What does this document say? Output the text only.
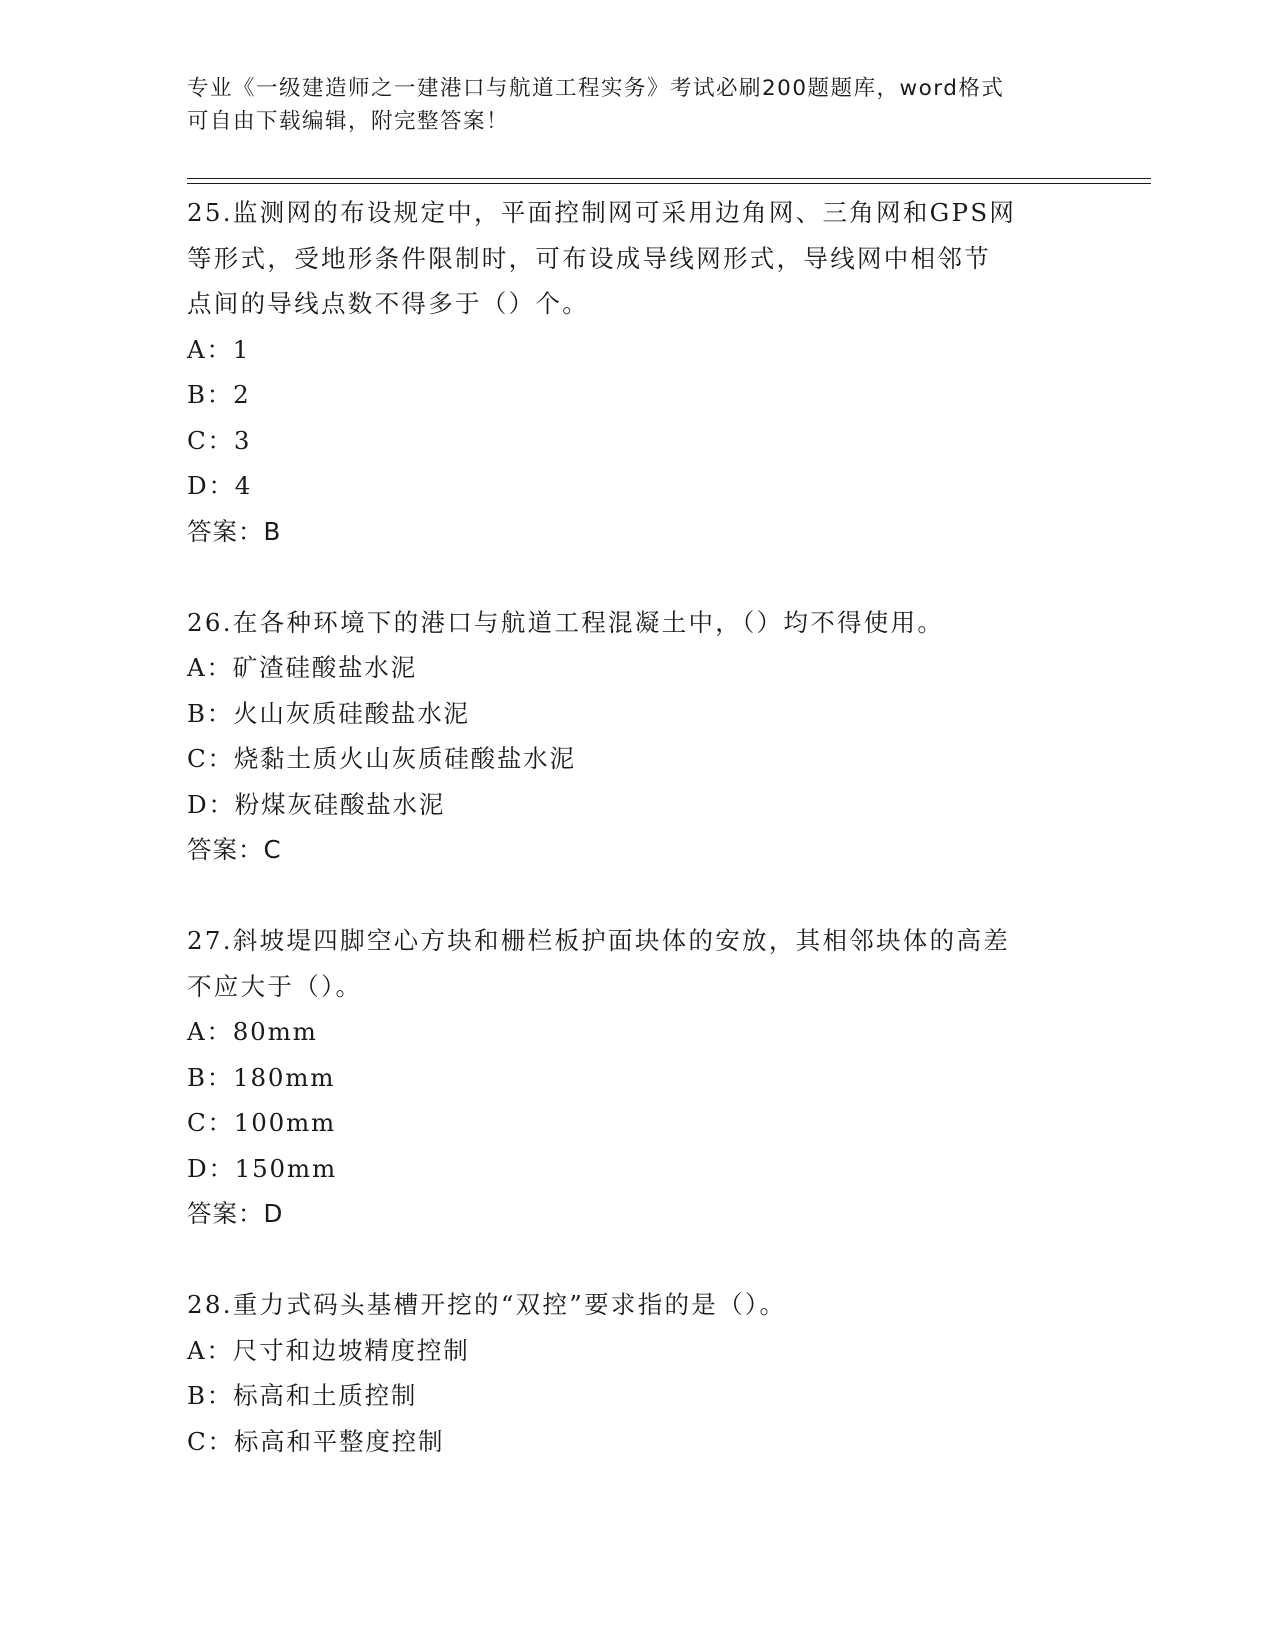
专业《一级建造师之一建港口与航道工程实务》考试必刷200题题库，word格式
可自由下载编辑，附完整答案！
25.监测网的布设规定中，平面控制网可采用边角网、三角网和GPS网
等形式，受地形条件限制时，可布设成导线网形式，导线网中相邻节
点间的导线点数不得多于（）个。
A：1
B：2
C：3
D：4
答案：B
26.在各种环境下的港口与航道工程混凝土中，（）均不得使用。
A：矿渣硅酸盐水泥
B：火山灰质硅酸盐水泥
C：烧黏土质火山灰质硅酸盐水泥
D：粉煤灰硅酸盐水泥
答案：C
27.斜坡堤四脚空心方块和栅栏板护面块体的安放，其相邻块体的高差
不应大于（）。
A：80mm
B：180mm
C：100mm
D：150mm
答案：D
28.重力式码头基槽开挖的“双控”要求指的是（）。
A：尺寸和边坡精度控制
B：标高和土质控制
C：标高和平整度控制
